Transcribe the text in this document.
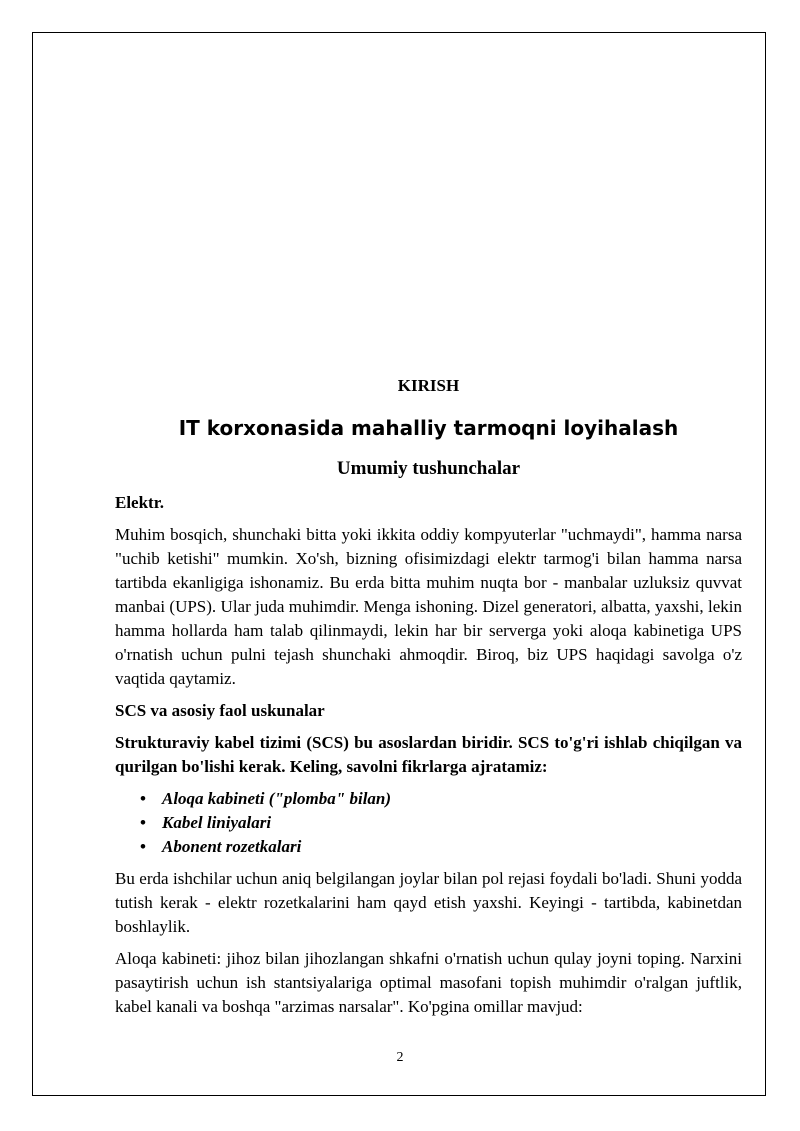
KIRISH
IT korxonasida mahalliy tarmoqni loyihalash
Umumiy tushunchalar
Elektr.

Muhim bosqich, shunchaki bitta yoki ikkita oddiy kompyuterlar "uchmaydi", hamma narsa "uchib ketishi" mumkin. Xo'sh, bizning ofisimizdagi elektr tarmog'i bilan hamma narsa tartibda ekanligiga ishonamiz. Bu erda bitta muhim nuqta bor - manbalar uzluksiz quvvat manbai (UPS). Ular juda muhimdir. Menga ishoning. Dizel generatori, albatta, yaxshi, lekin hamma hollarda ham talab qilinmaydi, lekin har bir serverga yoki aloqa kabinetiga UPS o'rnatish uchun pulni tejash shunchaki ahmoqdir. Biroq, biz UPS haqidagi savolga o'z vaqtida qaytamiz.

SCS va asosiy faol uskunalar

Strukturaviy kabel tizimi (SCS) bu asoslardan biridir. SCS to'g'ri ishlab chiqilgan va qurilgan bo'lishi kerak. Keling, savolni fikrlarga ajratamiz:

• Aloqa kabineti ("plomba" bilan)
• Kabel liniyalari
• Abonent rozetkalari

Bu erda ishchilar uchun aniq belgilangan joylar bilan pol rejasi foydali bo'ladi. Shuni yodda tutish kerak - elektr rozetkalarini ham qayd etish yaxshi. Keyingi - tartibda, kabinetdan boshlaylik.

Aloqa kabineti: jihoz bilan jihozlangan shkafni o'rnatish uchun qulay joyni toping. Narxini pasaytirish uchun ish stantsiyalariga optimal masofani topish muhimdir o'ralgan juftlik, kabel kanali va boshqa "arzimas narsalar". Ko'pgina omillar mavjud:

2
